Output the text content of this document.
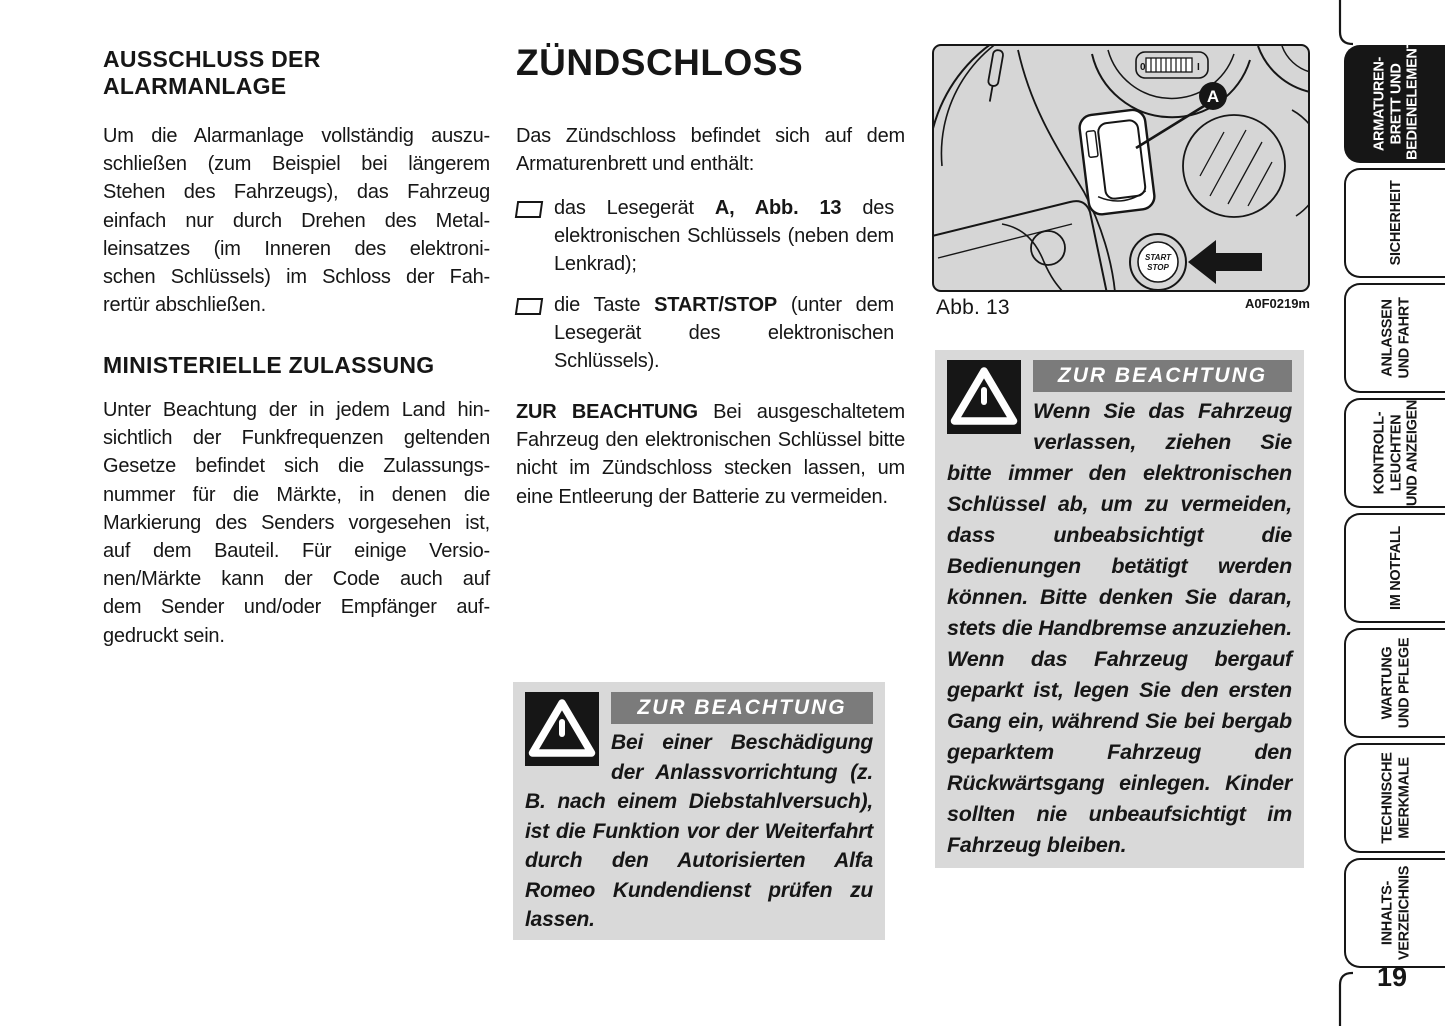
AUSSCHLUSS DER
ALARMANLAGE
Um die Alarmanlage vollständig auszu-
schließen (zum Beispiel bei längerem
Stehen des Fahrzeugs), das Fahrzeug
einfach nur durch Drehen des Metal-
leinsatzes (im Inneren des elektroni-
schen Schlüssels) im Schloss der Fah-
rertür abschließen.
MINISTERIELLE ZULASSUNG
Unter Beachtung der in jedem Land hin-
sichtlich der Funkfrequenzen geltenden
Gesetze befindet sich die Zulassungs-
nummer für die Märkte, in denen die
Markierung des Senders vorgesehen ist,
auf dem Bauteil. Für einige Versio-
nen/Märkte kann der Code auch auf
dem Sender und/oder Empfänger auf-
gedruckt sein.
ZÜNDSCHLOSS
Das Zündschloss befindet sich auf dem
Armaturenbrett und enthält:
das Lesegerät A, Abb. 13 des elektronischen Schlüssels (neben dem Lenkrad);
die Taste START/STOP (unter dem Lesegerät des elektronischen Schlüssels).
ZUR BEACHTUNG Bei ausgeschaltetem Fahrzeug den elektronischen Schlüssel bitte nicht im Zündschloss stecken lassen, um eine Entleerung der Batterie zu vermeiden.
ZUR BEACHTUNG
Bei einer Beschädigung der Anlassvorrichtung (z. B. nach einem Diebstahlversuch), ist die Funktion vor der Weiterfahrt durch den Autorisierten Alfa Romeo Kundendienst prüfen zu lassen.
0	I
START
STOP
A
Abb. 13	A0F0219m
ZUR BEACHTUNG
Wenn Sie das Fahrzeug verlassen, ziehen Sie bitte immer den elektronischen Schlüssel ab, um zu vermeiden, dass unbeabsichtigt die Bedienungen betätigt werden können. Bitte denken Sie daran, stets die Handbremse anzuziehen. Wenn das Fahrzeug bergauf geparkt ist, legen Sie den ersten Gang ein, während Sie bei bergab geparktem Fahrzeug den Rückwärtsgang einlegen. Kinder sollten nie unbeaufsichtigt im Fahrzeug bleiben.
ARMATUREN- BRETT UND BEDIENELEMENTE
SICHERHEIT
ANLASSEN UND FAHRT
KONTROLL- LEUCHTEN UND ANZEIGEN
IM NOTFALL
WARTUNG UND PFLEGE
TECHNISCHE MERKMALE
INHALTS- VERZEICHNIS
19
